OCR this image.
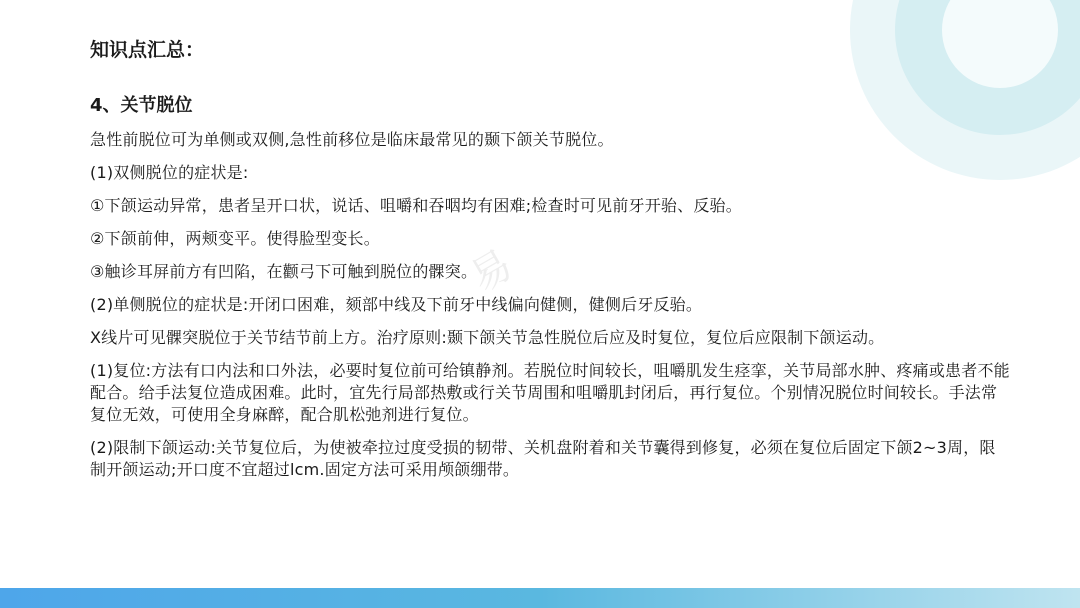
易
知识点汇总：
4、关节脱位

急性前脱位可为单侧或双侧,急性前移位是临床最常见的颞下颌关节脱位。

(1)双侧脱位的症状是:

①下颌运动异常，患者呈开口状，说话、咀嚼和吞咽均有困难;检查时可见前牙开骀、反骀。

②下颌前伸，两颊变平。使得脸型变长。

③触诊耳屏前方有凹陷，在颧弓下可触到脱位的髁突。

(2)单侧脱位的症状是:开闭口困难，颏部中线及下前牙中线偏向健侧，健侧后牙反骀。

X线片可见髁突脱位于关节结节前上方。治疗原则:颞下颌关节急性脱位后应及时复位，复位后应限制下颌运动。

(1)复位:方法有口内法和口外法，必要时复位前可给镇静剂。若脱位时间较长，咀嚼肌发生痉挛，关节局部水肿、疼痛或患者不能配合。给手法复位造成困难。此时，宜先行局部热敷或行关节周围和咀嚼肌封闭后，再行复位。个别情况脱位时间较长。手法常复位无效，可使用全身麻醉，配合肌松弛剂进行复位。

(2)限制下颌运动:关节复位后，为使被牵拉过度受损的韧带、关机盘附着和关节囊得到修复，必须在复位后固定下颌2~3周，限制开颌运动;开口度不宜超过lcm.固定方法可采用颅颌绷带。
